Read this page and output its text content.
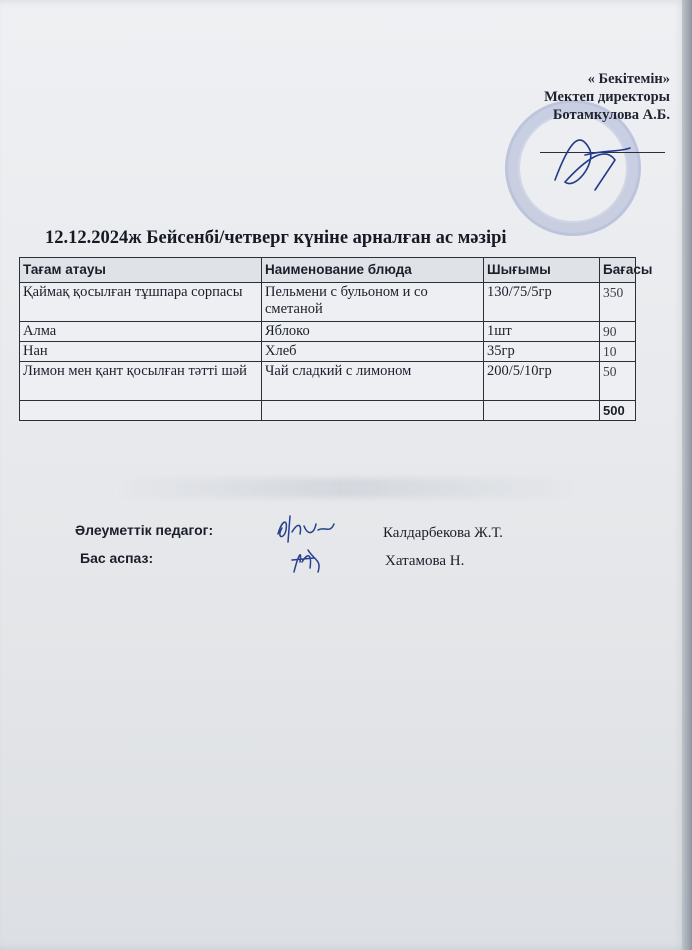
« Бекітемін»
Мектеп директоры
Ботамкулова А.Б.
12.12.2024ж Бейсенбі/четверг күніне арналған ас мәзірі
Тағам атауы	Наименование блюда	Шығымы	Бағасы
Қаймақ қосылған тұшпара сорпасы	Пельмени с бульоном и со сметаной	130/75/5гр	350
Алма	Яблоко	1шт	90
Нан	Хлеб	35гр	10
Лимон мен қант қосылған тәтті шәй	Чай сладкий с лимоном	200/5/10гр	50
			500
Әлеуметтік педагог:	Калдарбекова Ж.Т.
Бас аспаз:	Хатамова Н.
